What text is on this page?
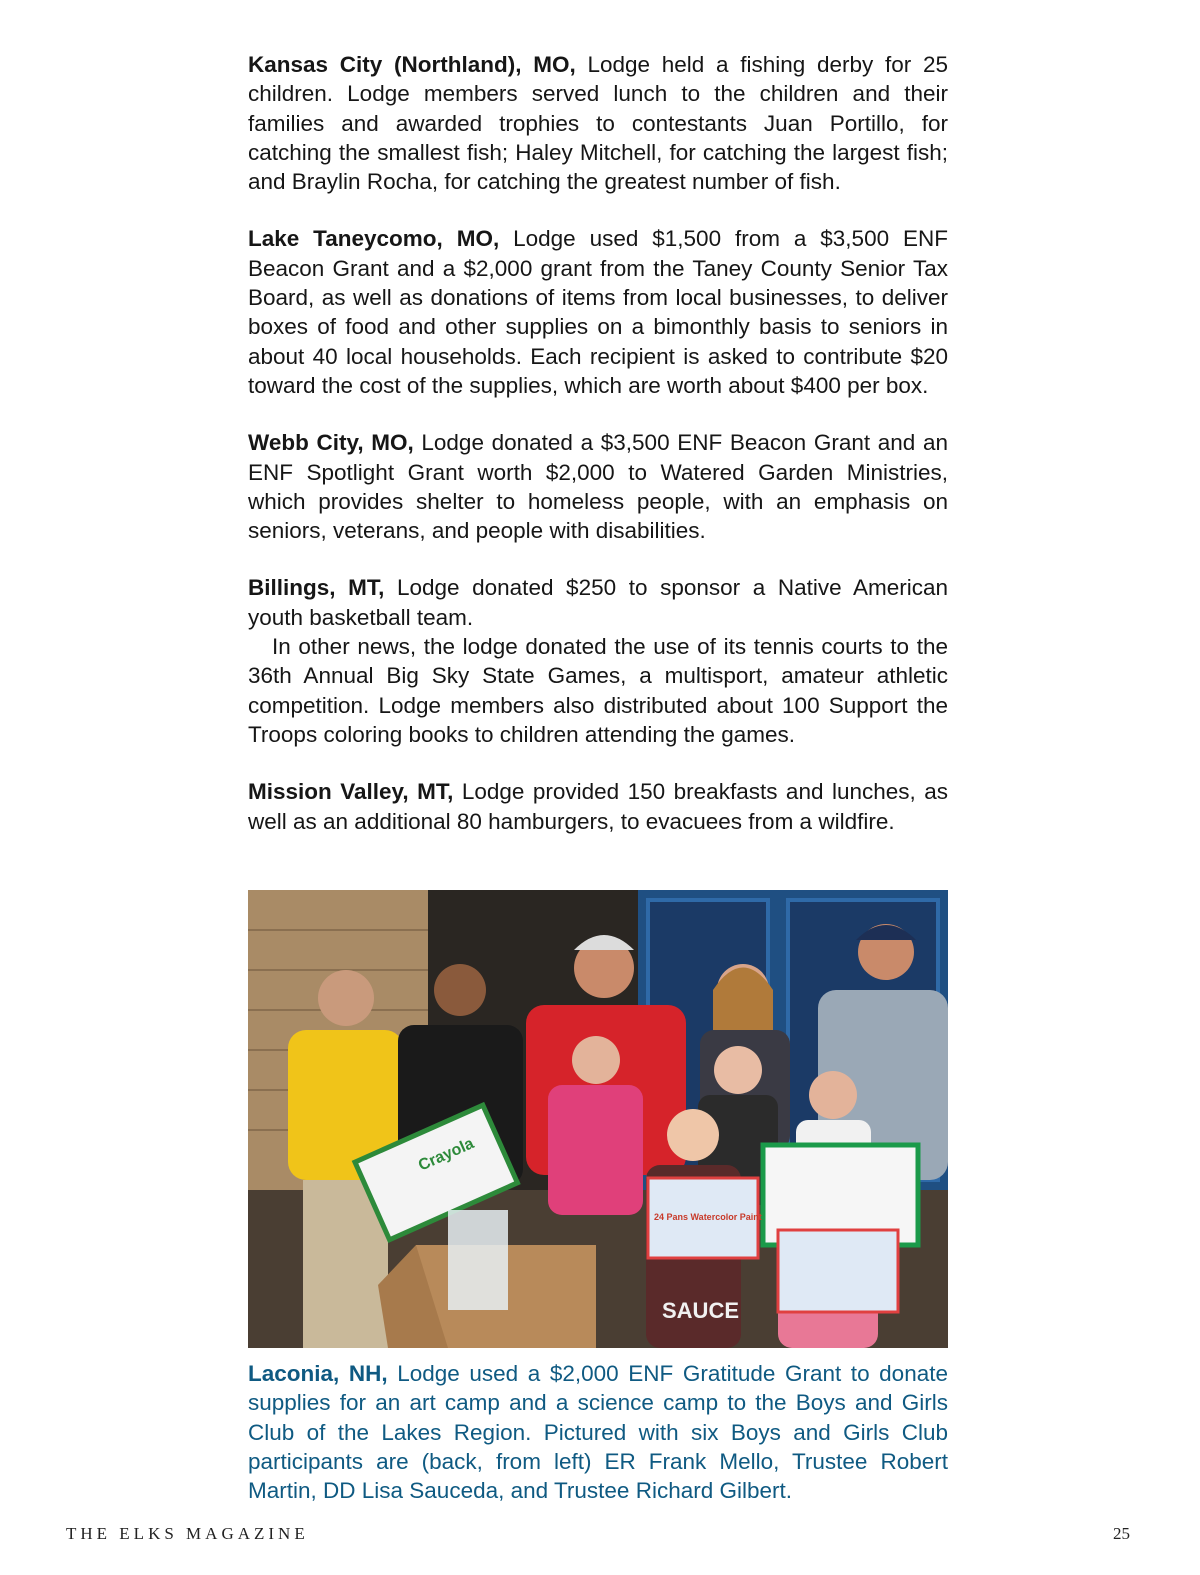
Kansas City (Northland), MO, Lodge held a fishing derby for 25 children. Lodge members served lunch to the children and their families and awarded trophies to contestants Juan Portillo, for catching the smallest fish; Haley Mitchell, for catching the largest fish; and Braylin Rocha, for catching the greatest number of fish.

Lake Taneycomo, MO, Lodge used $1,500 from a $3,500 ENF Beacon Grant and a $2,000 grant from the Taney County Senior Tax Board, as well as donations of items from local businesses, to deliver boxes of food and other supplies on a bimonthly basis to seniors in about 40 local households. Each recipient is asked to contribute $20 toward the cost of the supplies, which are worth about $400 per box.

Webb City, MO, Lodge donated a $3,500 ENF Beacon Grant and an ENF Spotlight Grant worth $2,000 to Watered Garden Ministries, which provides shelter to homeless people, with an emphasis on seniors, veterans, and people with disabilities.

Billings, MT, Lodge donated $250 to sponsor a Native American youth basketball team.

In other news, the lodge donated the use of its tennis courts to the 36th Annual Big Sky State Games, a multisport, amateur athletic competition. Lodge members also distributed about 100 Support the Troops coloring books to children attending the games.

Mission Valley, MT, Lodge provided 150 breakfasts and lunches, as well as an additional 80 hamburgers, to evacuees from a wildfire.

Crayola
24 Pans Watercolor Paint
SAUCE
Laconia, NH, Lodge used a $2,000 ENF Gratitude Grant to donate supplies for an art camp and a science camp to the Boys and Girls Club of the Lakes Region. Pictured with six Boys and Girls Club participants are (back, from left) ER Frank Mello, Trustee Robert Martin, DD Lisa Sauceda, and Trustee Richard Gilbert.
THE ELKS MAGAZINE	25
